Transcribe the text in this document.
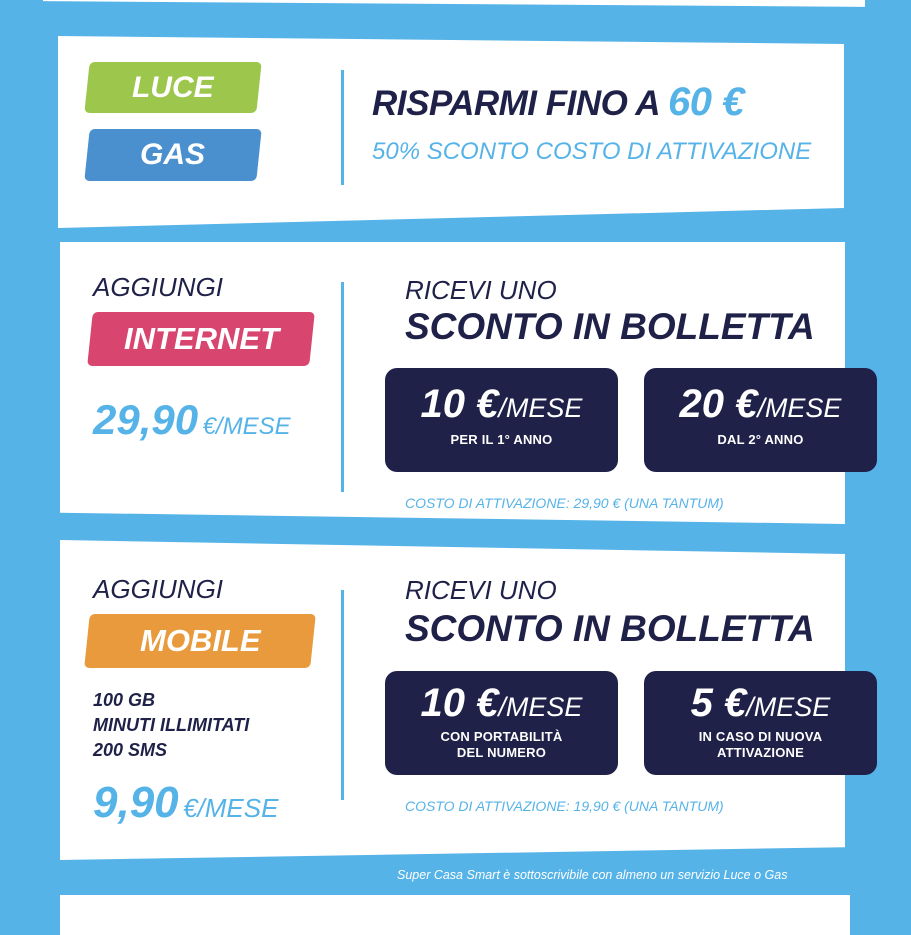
LUCE
GAS
RISPARMI FINO A 60 €
50% SCONTO COSTO DI ATTIVAZIONE
AGGIUNGI
INTERNET
29,90 €/MESE
RICEVI UNO
SCONTO IN BOLLETTA
10 €/MESE
PER IL 1° ANNO
20 €/MESE
DAL 2° ANNO
COSTO DI ATTIVAZIONE: 29,90 € (UNA TANTUM)
AGGIUNGI
MOBILE
100 GB
MINUTI ILLIMITATI
200 SMS
9,90 €/MESE
RICEVI UNO
SCONTO IN BOLLETTA
10 €/MESE
CON PORTABILITÀ
DEL NUMERO
5 €/MESE
IN CASO DI NUOVA
ATTIVAZIONE
COSTO DI ATTIVAZIONE: 19,90 € (UNA TANTUM)
Super Casa Smart è sottoscrivibile con almeno un servizio Luce o Gas
